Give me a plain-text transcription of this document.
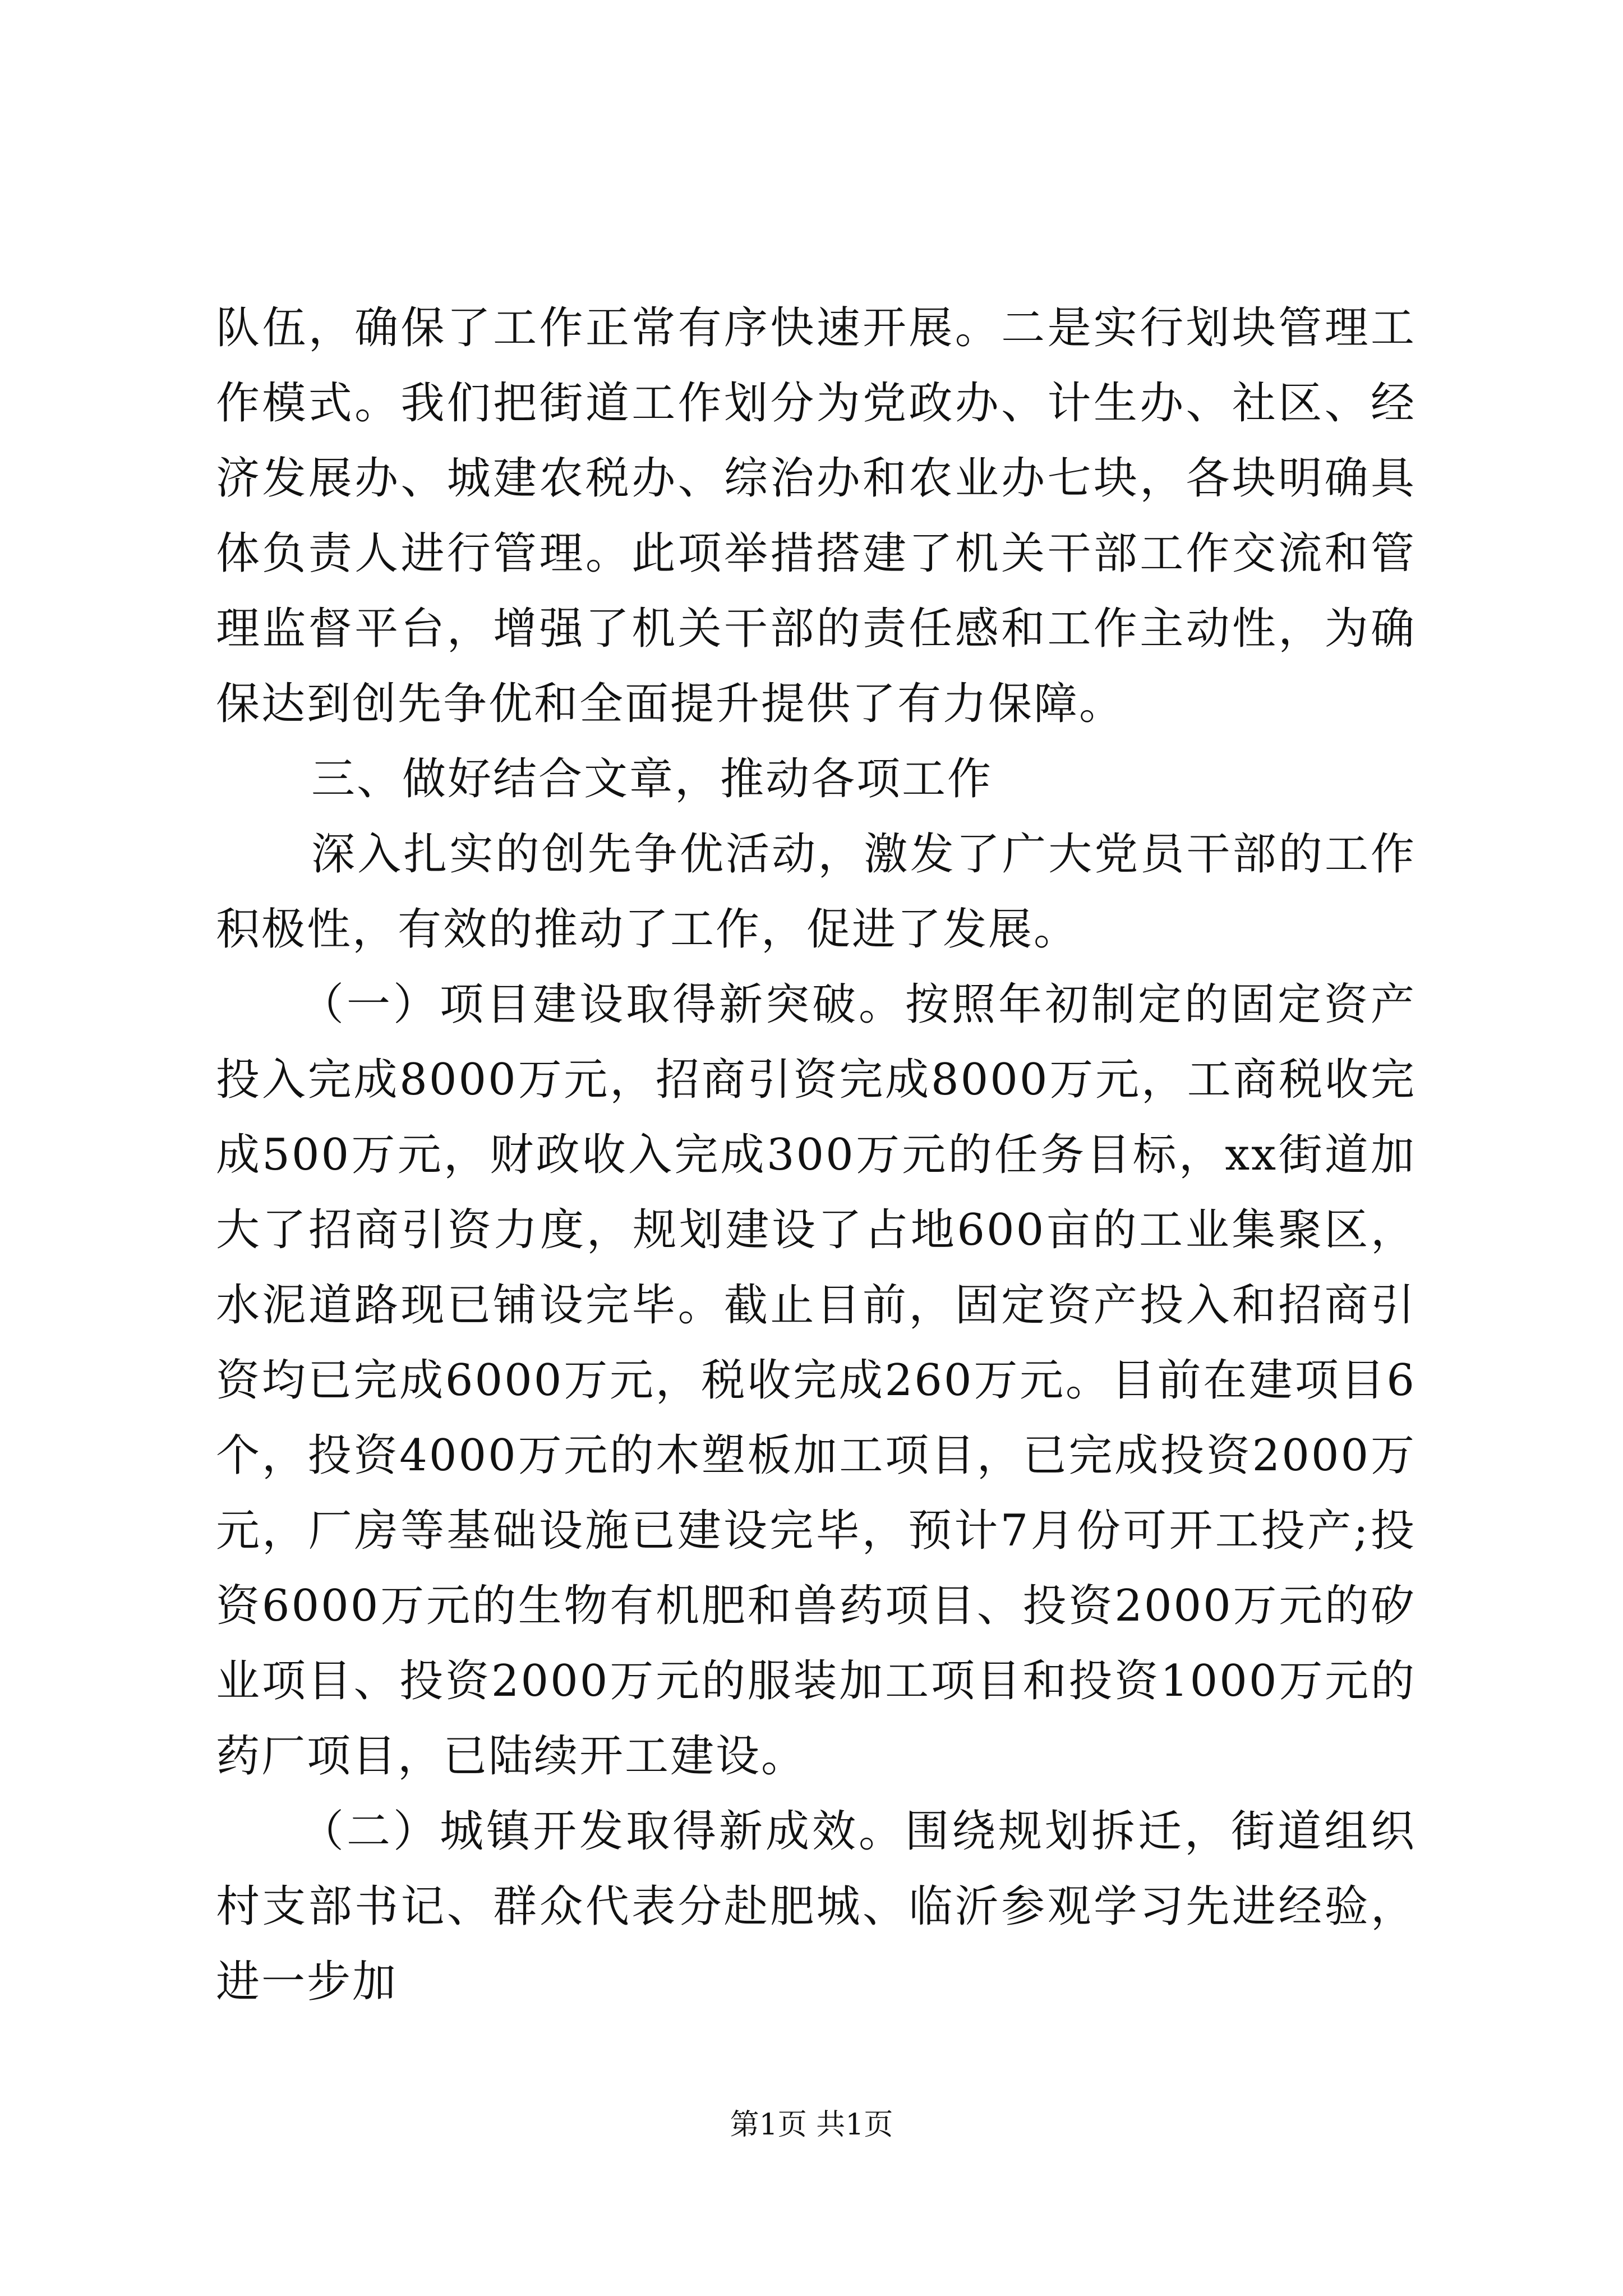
队伍，确保了工作正常有序快速开展。二是实行划块管理工作模式。我们把街道工作划分为党政办、计生办、社区、经济发展办、城建农税办、综治办和农业办七块，各块明确具体负责人进行管理。此项举措搭建了机关干部工作交流和管理监督平台，增强了机关干部的责任感和工作主动性，为确保达到创先争优和全面提升提供了有力保障。

三、做好结合文章，推动各项工作

深入扎实的创先争优活动，激发了广大党员干部的工作积极性，有效的推动了工作，促进了发展。

（一）项目建设取得新突破。按照年初制定的固定资产投入完成8000万元，招商引资完成8000万元，工商税收完成500万元，财政收入完成300万元的任务目标，xx街道加大了招商引资力度，规划建设了占地600亩的工业集聚区，水泥道路现已铺设完毕。截止目前，固定资产投入和招商引资均已完成6000万元，税收完成260万元。目前在建项目6个，投资4000万元的木塑板加工项目，已完成投资2000万元，厂房等基础设施已建设完毕，预计7月份可开工投产;投资6000万元的生物有机肥和兽药项目、投资2000万元的矽业项目、投资2000万元的服装加工项目和投资1000万元的药厂项目，已陆续开工建设。

（二）城镇开发取得新成效。围绕规划拆迁，街道组织村支部书记、群众代表分赴肥城、临沂参观学习先进经验，进一步加

第1页 共1页
